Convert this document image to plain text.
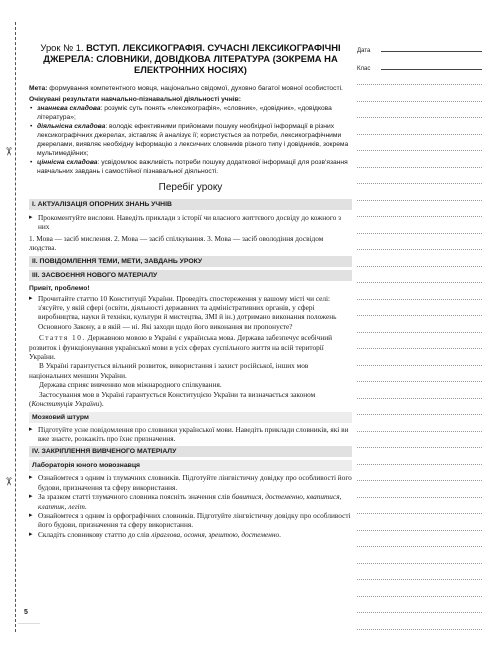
✂
✂
Дата
Клас
Урок № 1. ВСТУП. ЛЕКСИКОГРАФІЯ. СУЧАСНІ ЛЕКСИКОГРАФІЧНІ ДЖЕРЕЛА: СЛОВНИКИ, ДОВІДКОВА ЛІТЕРАТУРА (ЗОКРЕМА НА ЕЛЕКТРОННИХ НОСІЯХ)
Мета: формування компетентного мовця, національно свідомої, духовно багатої мовної особистості.
Очікувані результати навчально-пізнавальної діяльності учнів:
• знаннєва складова: розуміє суть понять «лексикографія», «словник», «довідник», «довідкова література»;
• діяльнісна складова: володіє ефективними прийомами пошуку необхідної інформації в різних лексикографічних джерелах, зіставляє й аналізує її; користується за потреби, лексикографічними джерелами, виявляє необхідну інформацію з лексичних словників різного типу і довідників, зокрема мультимедійних;
• ціннісна складова: усвідомлює важливість потреби пошуку додаткової інформації для розв'язання навчальних завдань і самостійної пізнавальної діяльності.
Перебіг уроку
I. АКТУАЛІЗАЦІЯ ОПОРНИХ ЗНАНЬ УЧНІВ
▸ Прокоментуйте вислови. Наведіть приклади з історії чи власного життєвого досвіду до кожного з них
1. Мова — засіб мислення. 2. Мова — засіб спілкування. 3. Мова — засіб оволодіння досвідом людства.
II. ПОВІДОМЛЕННЯ ТЕМИ, МЕТИ, ЗАВДАНЬ УРОКУ
III. ЗАСВОЄННЯ НОВОГО МАТЕРІАЛУ
Привіт, проблемо!
▸ Прочитайте статтю 10 Конституції України. Проведіть спостереження у вашому місті чи селі: з'ясуйте, у якій сфері (освіти, діяльності державних та адміністративних органів, у сфері виробництва, науки й техніки, культури й мистецтва, ЗМІ й ін.) дотримано виконання положень Основного Закону, а в якій — ні. Які заходи щодо його виконання ви пропонуєте?
Стаття 10. Державною мовою в Україні є українська мова. Держава забезпечує всебічний розвиток і функціонування української мови в усіх сферах суспільного життя на всій території України.
В Україні гарантується вільний розвиток, використання і захист російської, інших мов національних меншин України.
Держава сприяє вивченню мов міжнародного спілкування.
Застосування мов в Україні гарантується Конституцією України та визначається законом (Конституція України).
Мозковий штурм
▸ Підготуйте усне повідомлення про словники української мови. Наведіть приклади словників, які ви вже знаєте, розкажіть про їхнє призначення.
IV. ЗАКРІПЛЕННЯ ВИВЧЕНОГО МАТЕРІАЛУ
Лабораторія юного мовознавця
▸ Ознайомтеся з одним із тлумачних словників. Підготуйте лінгвістичну довідку про особливості його будови, призначення та сферу використання.
▸ За зразком статті тлумачного словника поясніть значення слів бавитися, достеменно, квапитися, клаптик, легіт.
▸ Ознайомтеся з одним із орфографічних словників. Підготуйте лінгвістичну довідку про особливості його будови, призначення та сферу використання.
▸ Складіть словникову статтю до слів ліраглова, осоння, зрештою, достеменно.
5
